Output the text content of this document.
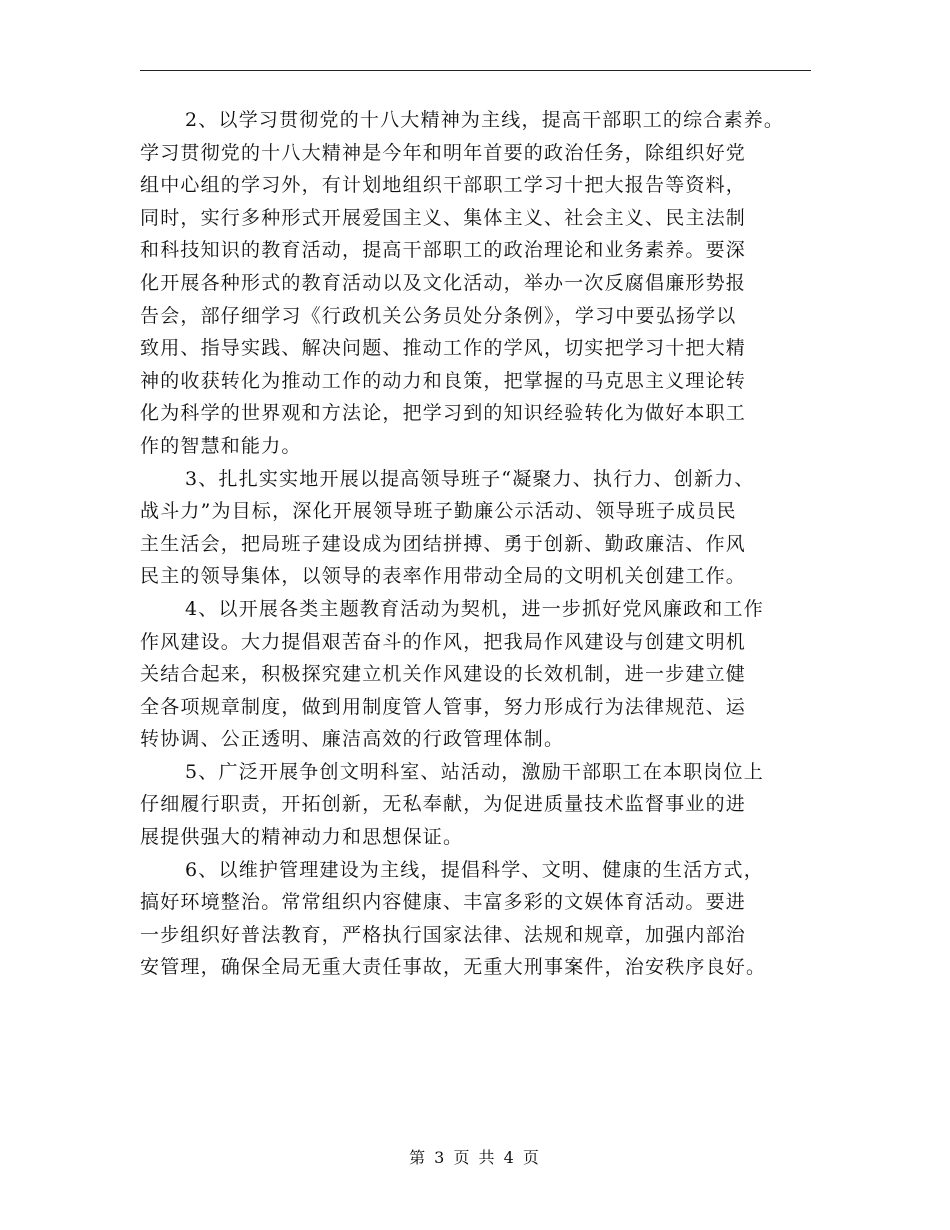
2、以学习贯彻党的十八大精神为主线，提高干部职工的综合素养。
学习贯彻党的十八大精神是今年和明年首要的政治任务，除组织好党
组中心组的学习外，有计划地组织干部职工学习十把大报告等资料，
同时，实行多种形式开展爱国主义、集体主义、社会主义、民主法制
和科技知识的教育活动，提高干部职工的政治理论和业务素养。要深
化开展各种形式的教育活动以及文化活动，举办一次反腐倡廉形势报
告会，部仔细学习《行政机关公务员处分条例》，学习中要弘扬学以
致用、指导实践、解决问题、推动工作的学风，切实把学习十把大精
神的收获转化为推动工作的动力和良策，把掌握的马克思主义理论转
化为科学的世界观和方法论，把学习到的知识经验转化为做好本职工
作的智慧和能力。
3、扎扎实实地开展以提高领导班子“凝聚力、执行力、创新力、
战斗力”为目标，深化开展领导班子勤廉公示活动、领导班子成员民
主生活会，把局班子建设成为团结拼搏、勇于创新、勤政廉洁、作风
民主的领导集体，以领导的表率作用带动全局的文明机关创建工作。
4、以开展各类主题教育活动为契机，进一步抓好党风廉政和工作
作风建设。大力提倡艰苦奋斗的作风，把我局作风建设与创建文明机
关结合起来，积极探究建立机关作风建设的长效机制，进一步建立健
全各项规章制度，做到用制度管人管事，努力形成行为法律规范、运
转协调、公正透明、廉洁高效的行政管理体制。
5、广泛开展争创文明科室、站活动，激励干部职工在本职岗位上
仔细履行职责，开拓创新，无私奉献，为促进质量技术监督事业的进
展提供强大的精神动力和思想保证。
6、以维护管理建设为主线，提倡科学、文明、健康的生活方式，
搞好环境整治。常常组织内容健康、丰富多彩的文娱体育活动。要进
一步组织好普法教育，严格执行国家法律、法规和规章，加强内部治
安管理，确保全局无重大责任事故，无重大刑事案件，治安秩序良好。
第 3 页 共 4 页
